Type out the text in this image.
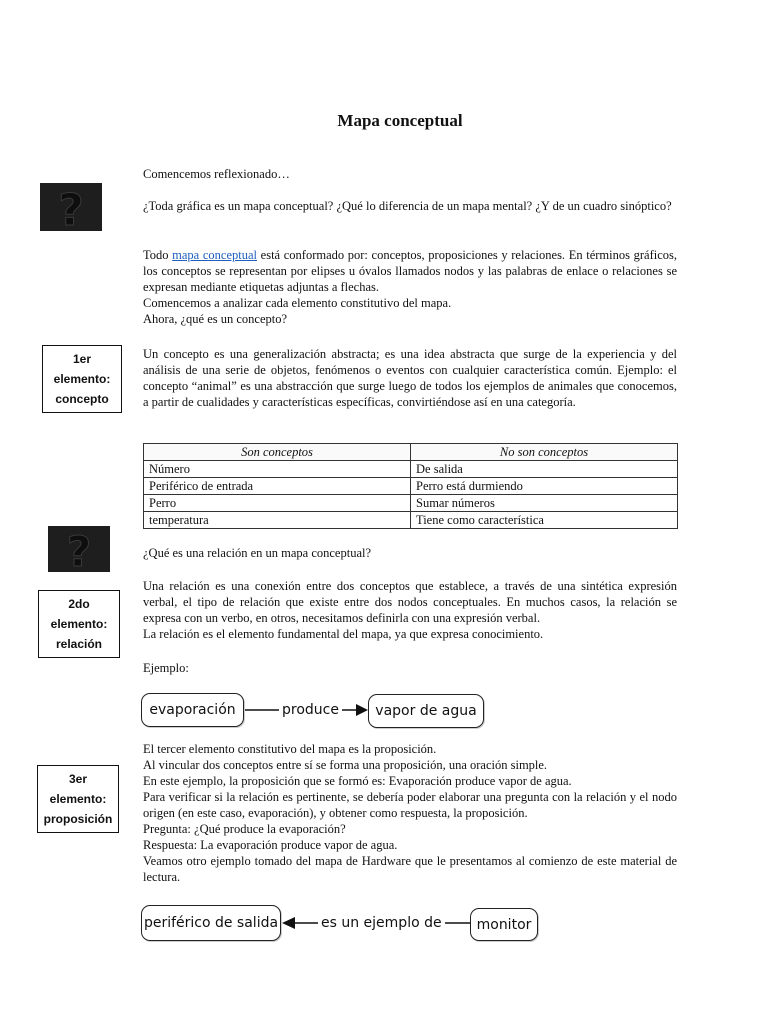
Mapa conceptual

Comencemos reflexionado…

?	¿Toda gráfica es un mapa conceptual? ¿Qué lo diferencia de un mapa mental? ¿Y de un cuadro sinóptico?

Todo mapa conceptual está conformado por: conceptos, proposiciones y relaciones. En términos gráficos, los conceptos se representan por elipses u óvalos llamados nodos y las palabras de enlace o relaciones se expresan mediante etiquetas adjuntas a flechas.

Comencemos a analizar cada elemento constitutivo del mapa.

Ahora, ¿qué es un concepto?

1er
elemento:
concepto

Un concepto es una generalización abstracta; es una idea abstracta que surge de la experiencia y del análisis de una serie de objetos, fenómenos o eventos con cualquier característica común. Ejemplo: el concepto “animal” es una abstracción que surge luego de todos los ejemplos de animales que conocemos, a partir de cualidades y características específicas, convirtiéndose así en una categoría.

Son conceptos	No son conceptos
Número	De salida
Periférico de entrada	Perro está durmiendo
Perro	Sumar números
temperatura	Tiene como característica
?	¿Qué es una relación en un mapa conceptual?

2do
elemento:
relación

Una relación es una conexión entre dos conceptos que establece, a través de una sintética expresión verbal, el tipo de relación que existe entre dos nodos conceptuales. En muchos casos, la relación se expresa con un verbo, en otros, necesitamos definirla con una expresión verbal.

La relación es el elemento fundamental del mapa, ya que expresa conocimiento.

Ejemplo:

evaporación	produce	vapor de agua
3er
elemento:
proposición

El tercer elemento constitutivo del mapa es la proposición.

Al vincular dos conceptos entre sí se forma una proposición, una oración simple.

En este ejemplo, la proposición que se formó es: Evaporación produce vapor de agua.

Para verificar si la relación es pertinente, se debería poder elaborar una pregunta con la relación y el nodo origen (en este caso, evaporación), y obtener como respuesta, la proposición.

Pregunta: ¿Qué produce la evaporación?

Respuesta: La evaporación produce vapor de agua.

Veamos otro ejemplo tomado del mapa de Hardware que le presentamos al comienzo de este material de lectura.

periférico de salida	es un ejemplo de	monitor
